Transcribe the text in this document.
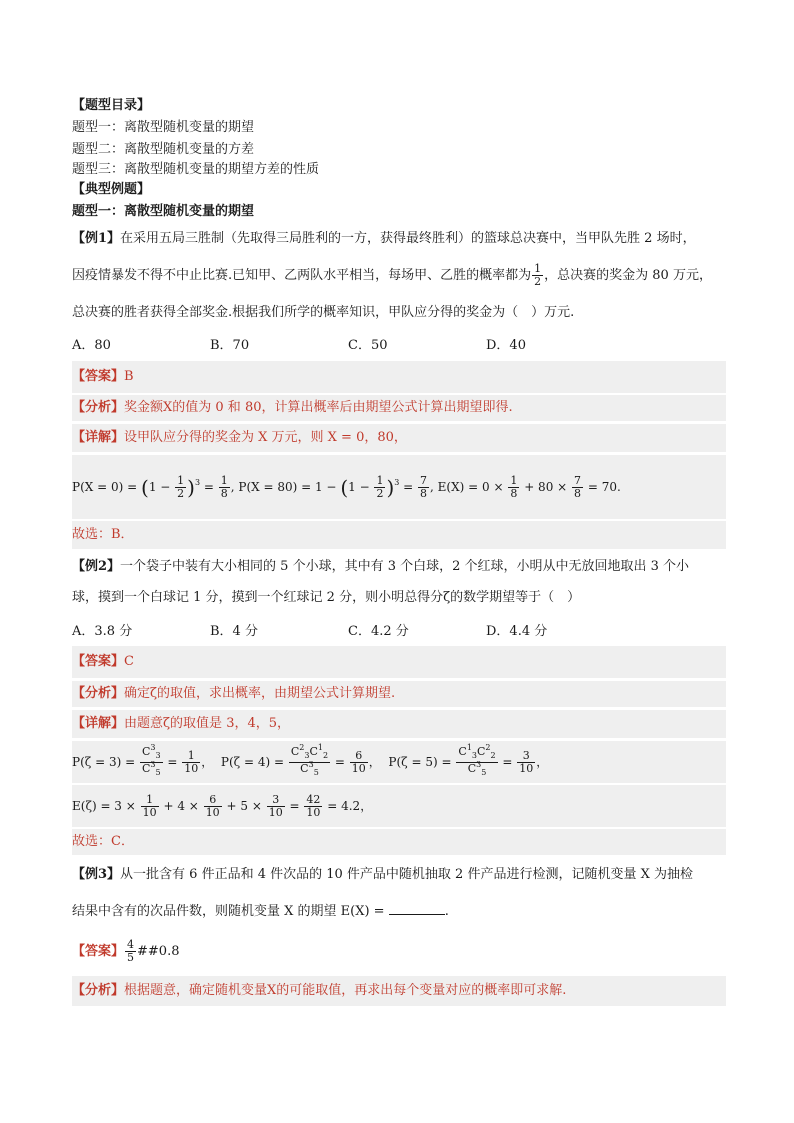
【题型目录】
题型一：离散型随机变量的期望
题型二：离散型随机变量的方差
题型三：离散型随机变量的期望方差的性质
【典型例题】
题型一：离散型随机变量的期望
【例1】在采用五局三胜制（先取得三局胜利的一方，获得最终胜利）的篮球总决赛中，当甲队先胜 2 场时，
因疫情暴发不得不中止比赛.已知甲、乙两队水平相当，每场甲、乙胜的概率都为 $\frac{1}{2}$ ，总决赛的奖金为 80 万元，
总决赛的胜者获得全部奖金.根据我们所学的概率知识，甲队应分得的奖金为（　）万元.
A．80	B．70	C．50	D．40
【答案】B
【分析】奖金额X的值为 0 和 80，计算出概率后由期望公式计算出期望即得.
【详解】设甲队应分得的奖金为 X 万元，则 X = 0，80，
$P(X = 0) = (1 - \frac{1}{2} )^3 = \frac{1}{8}$ , $P(X = 80) = 1 - (1 - \frac{1}{2} )^3 = \frac{7}{8}$ , $E(X) = 0 \times \frac{1}{8} + 80 \times \frac{7}{8} = 70$.
故选：B．
【例2】一个袋子中装有大小相同的 5 个小球，其中有 3 个白球，2 个红球，小明从中无放回地取出 3 个小
球，摸到一个白球记 1 分，摸到一个红球记 2 分，则小明总得分ζ的数学期望等于（　）
A．3.8 分	B．4 分	C．4.2 分	D．4.4 分
【答案】C
【分析】确定ζ的取值，求出概率，由期望公式计算期望.
【详解】由题意ζ的取值是 3，4，5，
$P(\zeta = 3) = \frac{C^3_3}{C^3_5} = \frac{1}{10}$ ，  $P(\zeta = 4) = \frac{C^2_3C^1_2}{C^3_5} = \frac{6}{10}$ ，  $P(\zeta = 5) = \frac{C^1_3C^2_2}{C^3_5} = \frac{3}{10}$ ，
$E(\zeta) = 3 \times \frac{1}{10} + 4 \times \frac{6}{10} + 5 \times \frac{3}{10} = \frac{42}{10} = 4.2$，
故选：C．
【例3】从一批含有 6 件正品和 4 件次品的 10 件产品中随机抽取 2 件产品进行检测，记随机变量 X 为抽检
结果中含有的次品件数，则随机变量 X 的期望 E(X) =	.
【答案】 $\frac{4}{5}$ ##0.8
【分析】根据题意，确定随机变量X的可能取值，再求出每个变量对应的概率即可求解.
